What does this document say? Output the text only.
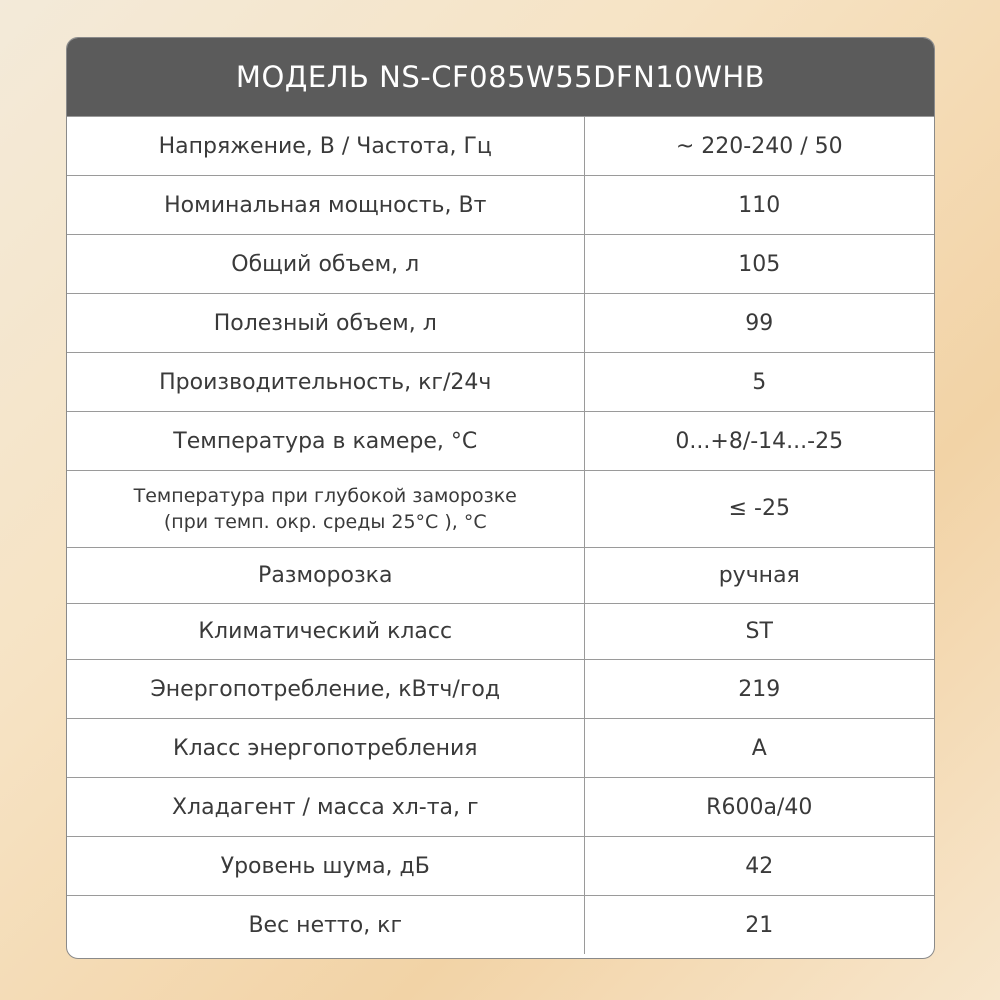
МОДЕЛЬ NS-CF085W55DFN10WHB
Напряжение, В / Частота, Гц	~ 220-240 / 50
Номинальная мощность, Вт	110
Общий объем, л	105
Полезный объем, л	99
Производительность, кг/24ч	5
Температура в камере, °С	0...+8/-14...-25

Температура при глубокой заморозке
(при темп. окр. среды 25°С ), °С	≤ -25
Разморозка	ручная
Климатический класс	ST
Энергопотребление, кВтч/год	219
Класс энергопотребления	A
Хладагент / масса хл-та, г	R600a/40
Уровень шума, дБ	42
Вес нетто, кг	21
